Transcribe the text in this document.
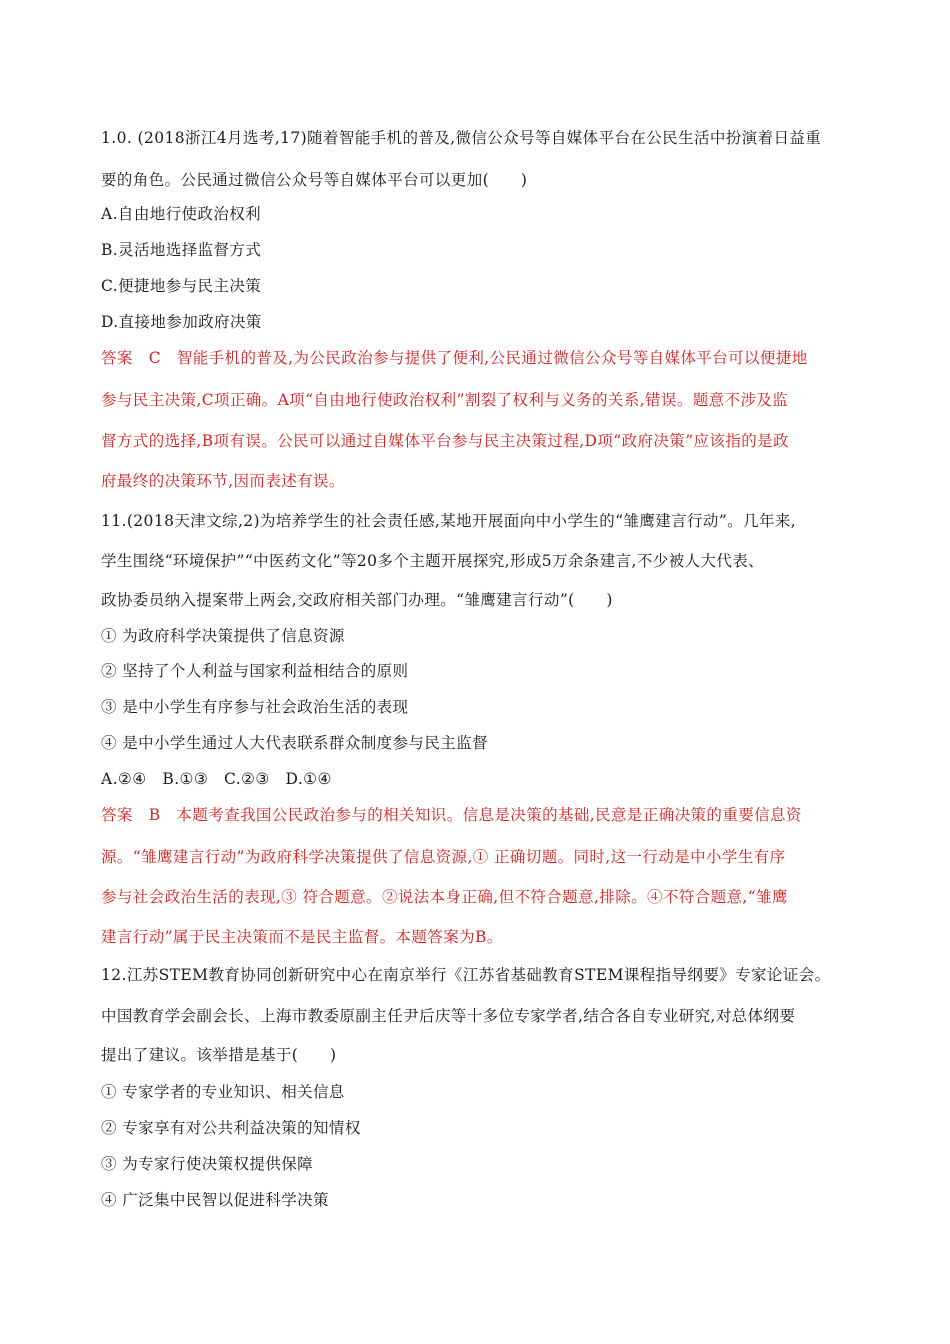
1.0. (2018浙江4月选考,17)随着智能手机的普及,微信公众号等自媒体平台在公民生活中扮演着日益重
要的角色。公民通过微信公众号等自媒体平台可以更加(　　)
A.自由地行使政治权利
B.灵活地选择监督方式
C.便捷地参与民主决策
D.直接地参加政府决策
答案　C　智能手机的普及,为公民政治参与提供了便利,公民通过微信公众号等自媒体平台可以便捷地
参与民主决策,C项正确。A项“自由地行使政治权利”割裂了权利与义务的关系,错误。题意不涉及监
督方式的选择,B项有误。公民可以通过自媒体平台参与民主决策过程,D项“政府决策”应该指的是政
府最终的决策环节,因而表述有误。
11.(2018天津文综,2)为培养学生的社会责任感,某地开展面向中小学生的“雏鹰建言行动”。几年来,
学生围绕“环境保护”“中医药文化”等20多个主题开展探究,形成5万余条建言,不少被人大代表、
政协委员纳入提案带上两会,交政府相关部门办理。“雏鹰建言行动”(　　)
① 为政府科学决策提供了信息资源
② 坚持了个人利益与国家利益相结合的原则
③ 是中小学生有序参与社会政治生活的表现
④ 是中小学生通过人大代表联系群众制度参与民主监督
A.②④　B.①③　C.②③　D.①④
答案　B　本题考查我国公民政治参与的相关知识。信息是决策的基础,民意是正确决策的重要信息资
源。“雏鹰建言行动”为政府科学决策提供了信息资源,① 正确切题。同时,这一行动是中小学生有序
参与社会政治生活的表现,③ 符合题意。②说法本身正确,但不符合题意,排除。④不符合题意,“雏鹰
建言行动”属于民主决策而不是民主监督。本题答案为B。
12.江苏STEM教育协同创新研究中心在南京举行《江苏省基础教育STEM课程指导纲要》专家论证会。
中国教育学会副会长、上海市教委原副主任尹后庆等十多位专家学者,结合各自专业研究,对总体纲要
提出了建议。该举措是基于(　　)
① 专家学者的专业知识、相关信息
② 专家享有对公共利益决策的知情权
③ 为专家行使决策权提供保障
④ 广泛集中民智以促进科学决策
